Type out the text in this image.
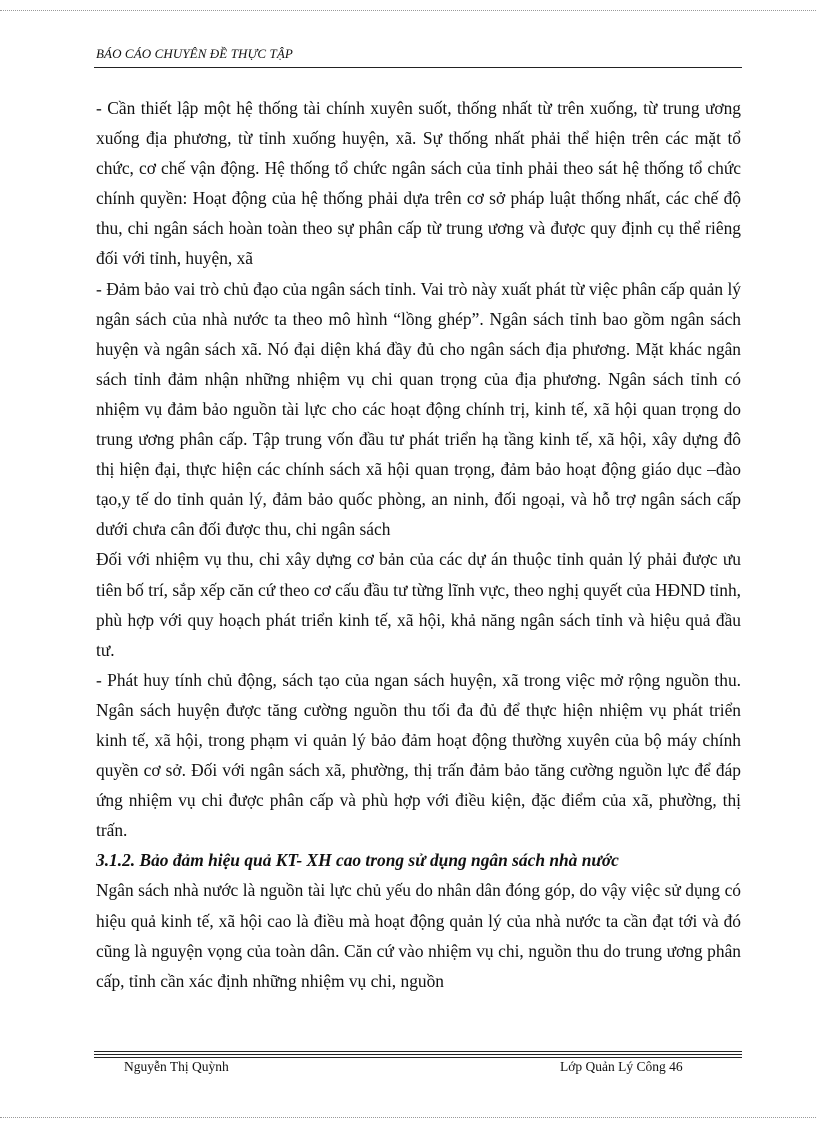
BÁO CÁO CHUYÊN ĐỀ THỰC TẬP

- Cần thiết lập một hệ thống tài chính xuyên suốt, thống nhất từ trên xuống, từ trung ương xuống địa phương, từ tỉnh xuống huyện, xã. Sự thống nhất phải thể hiện trên các mặt tổ chức, cơ chế vận động. Hệ thống tổ chức ngân sách của tỉnh phải theo sát hệ thống tổ chức chính quyền: Hoạt động của hệ thống phải dựa trên cơ sở pháp luật thống nhất, các chế độ thu, chi ngân sách hoàn toàn theo sự phân cấp từ trung ương và được quy định cụ thể riêng đối với tỉnh, huyện, xã

- Đảm bảo vai trò chủ đạo của ngân sách tỉnh. Vai trò này xuất phát từ việc phân cấp quản lý ngân sách của nhà nước ta theo mô hình “lồng ghép”. Ngân sách tỉnh bao gồm ngân sách huyện và ngân sách xã. Nó đại diện khá đầy đủ cho ngân sách địa phương. Mặt khác ngân sách tỉnh đảm nhận những nhiệm vụ chi quan trọng của địa phương. Ngân sách tỉnh có nhiệm vụ đảm bảo nguồn tài lực cho các hoạt động chính trị, kinh tế, xã hội quan trọng do trung ương phân cấp. Tập trung vốn đầu tư phát triển hạ tầng kinh tế, xã hội, xây dựng đô thị hiện đại, thực hiện các chính sách xã hội quan trọng, đảm bảo hoạt động giáo dục –đào tạo,y tế do tỉnh quản lý, đảm bảo quốc phòng, an ninh, đối ngoại, và hỗ trợ ngân sách cấp dưới chưa cân đối được thu, chi ngân sách

Đối với nhiệm vụ thu, chi xây dựng cơ bản của các dự án thuộc tỉnh quản lý phải được ưu tiên bố trí, sắp xếp căn cứ theo cơ cấu đầu tư từng lĩnh vực, theo nghị quyết của HĐND tỉnh, phù hợp với quy hoạch phát triển kinh tế, xã hội, khả năng ngân sách tỉnh và hiệu quả đầu tư.

- Phát huy tính chủ động, sách tạo của ngan sách huyện, xã trong việc mở rộng nguồn thu. Ngân sách huyện được tăng cường nguồn thu tối đa đủ để thực hiện nhiệm vụ phát triển kinh tế, xã hội, trong phạm vi quản lý bảo đảm hoạt động thường xuyên của bộ máy chính quyền cơ sở. Đối với ngân sách xã, phường, thị trấn đảm bảo tăng cường nguồn lực để đáp ứng nhiệm vụ chi được phân cấp và phù hợp với điều kiện, đặc điểm của xã, phường, thị trấn.

3.1.2. Bảo đảm hiệu quả KT- XH cao trong sử dụng ngân sách nhà nước

Ngân sách nhà nước là nguồn tài lực chủ yếu do nhân dân đóng góp, do vậy việc sử dụng có hiệu quả kinh tế, xã hội cao là điều mà hoạt động quản lý của nhà nước ta cần đạt tới và đó cũng là nguyện vọng của toàn dân. Căn cứ vào nhiệm vụ chi, nguồn thu do trung ương phân cấp, tỉnh cần xác định những nhiệm vụ chi, nguồn

Nguyễn Thị Quỳnh	Lớp Quản Lý Công 46
